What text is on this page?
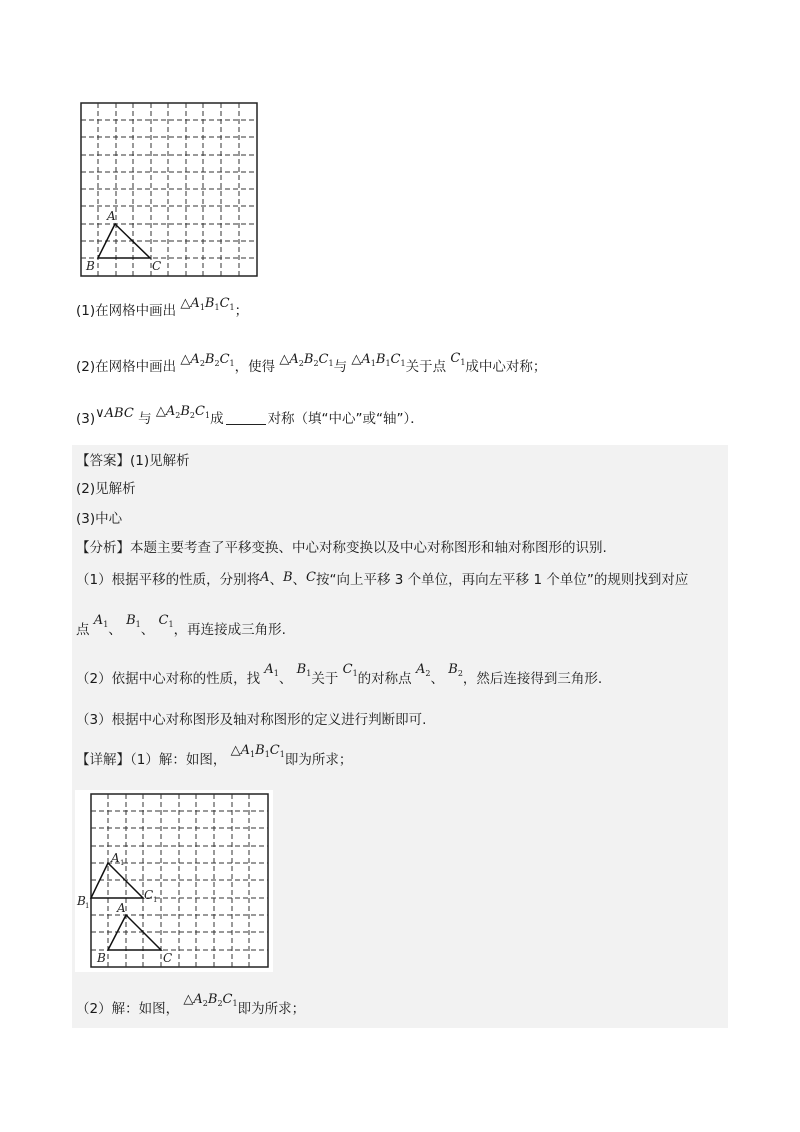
A
B	C
(1)在网格中画出 $\triangle A_1B_1C_1$；
(2)在网格中画出 $\triangle A_2B_2C_1$，使得 $\triangle A_2B_2C_1$与 $\triangle A_1B_1C_1$关于点 $C_1$成中心对称；
(3)∨ABC 与 $\triangle A_2B_2C_1$成	对称（填“中心”或“轴”）．
【答案】(1)见解析
(2)见解析
(3)中心
【分析】本题主要考查了平移变换、中心对称变换以及中心对称图形和轴对称图形的识别.
（1）根据平移的性质，分别将A、B、C按“向上平移 3 个单位，再向左平移 1 个单位”的规则找到对应
点 $A_1$、 $B_1$、 $C_1$，再连接成三角形.
（2）依据中心对称的性质，找 $A_1$、 $B_1$关于 $C_1$的对称点 $A_2$、 $B_2$，然后连接得到三角形.
（3）根据中心对称图形及轴对称图形的定义进行判断即可.
【详解】（1）解：如图， $\triangle A_1B_1C_1$即为所求；
A 1
B 1
C 1
A
B	C
（2）解：如图， $\triangle A_2B_2C_1$即为所求；
